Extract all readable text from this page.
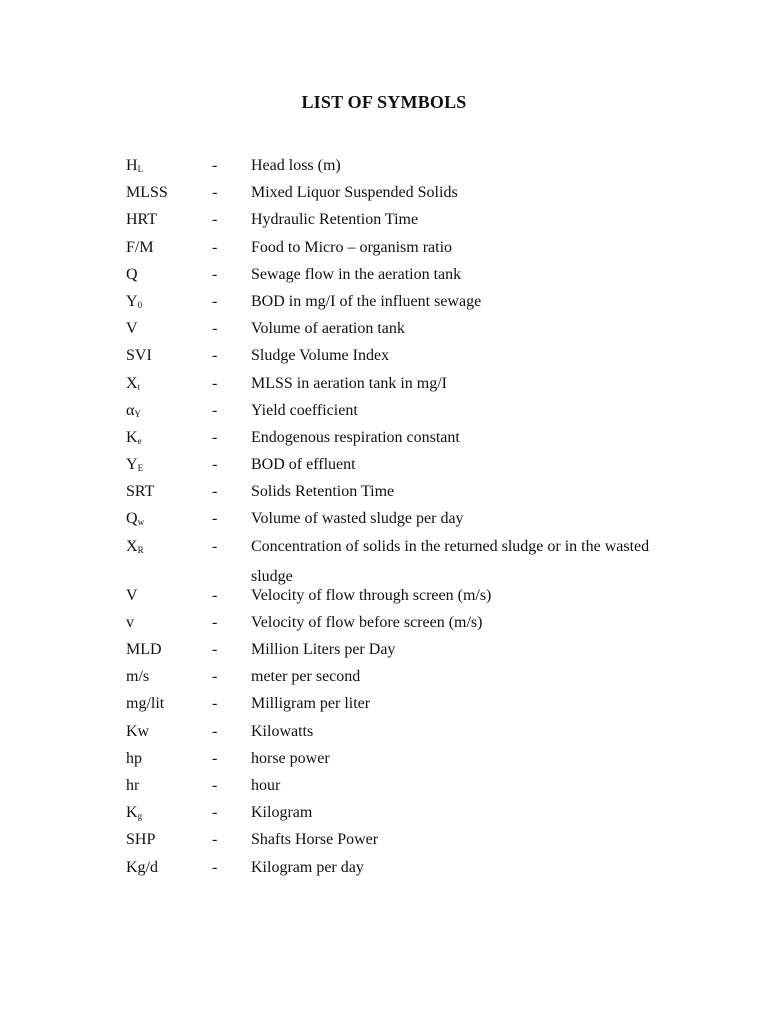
LIST OF SYMBOLS
$H_L$	- Head loss (m)
MLSS	- Mixed Liquor Suspended Solids
HRT	- Hydraulic Retention Time
F/M	- Food to Micro – organism ratio
Q	- Sewage flow in the aeration tank
$Y_0$	- BOD in mg/I of the influent sewage
V	- Volume of aeration tank
SVI	- Sludge Volume Index
$X_t$	- MLSS in aeration tank in mg/I
$\alpha_Y$	- Yield coefficient
$K_e$	- Endogenous respiration constant
$Y_E$	- BOD of effluent
SRT	- Solids Retention Time
$Q_w$	- Volume of wasted sludge per day
$X_R$	- Concentration of solids in the returned sludge or in the wasted sludge
V	- Velocity of flow through screen (m/s)
v	- Velocity of flow before screen (m/s)
MLD	- Million Liters per Day
m/s	- meter per second
mg/lit	- Milligram per liter
Kw	- Kilowatts
hp	- horse power
hr	- hour
$K_g$	- Kilogram
SHP	- Shafts Horse Power
Kg/d	- Kilogram per day
